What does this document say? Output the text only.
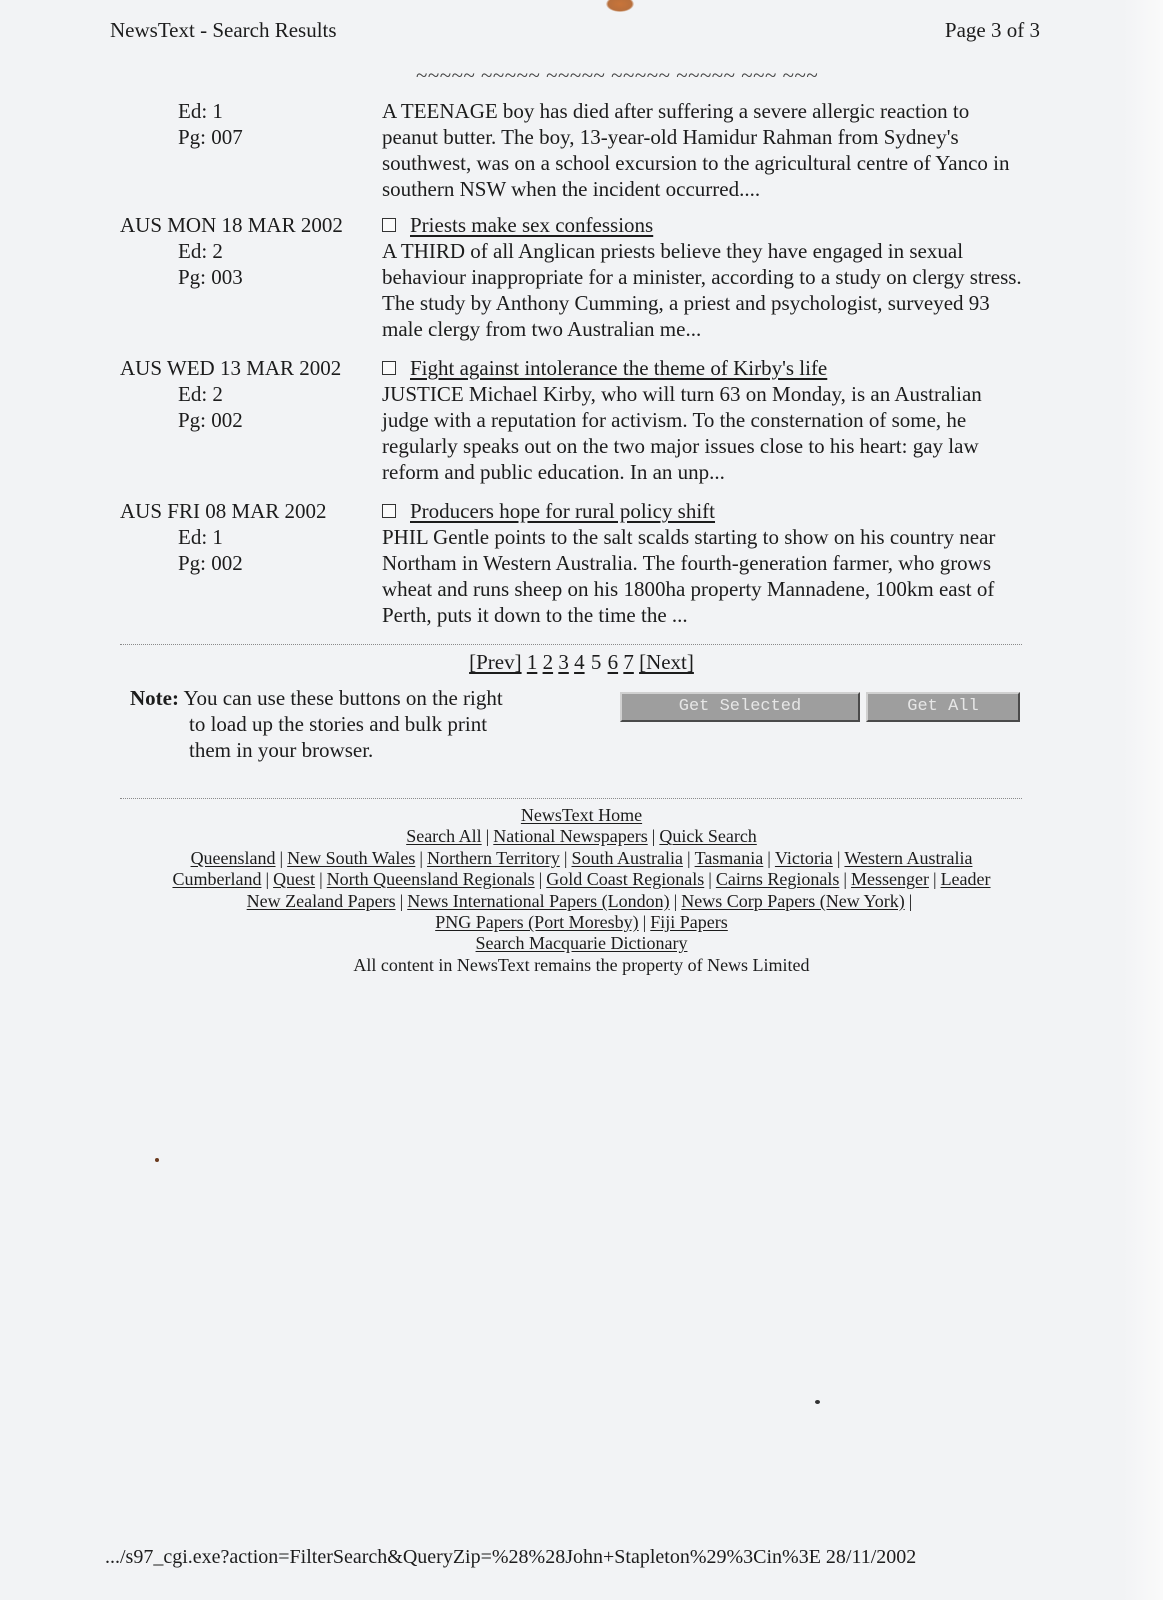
NewsText - Search Results	Page 3 of 3
~~~~~ ~~~~~ ~~~~~ ~~~~~ ~~~~~ ~~~ ~~~
Ed: 1
Pg: 007
A TEENAGE boy has died after suffering a severe allergic reaction to peanut butter. The boy, 13-year-old Hamidur Rahman from Sydney's southwest, was on a school excursion to the agricultural centre of Yanco in southern NSW when the incident occurred....
AUS MON 18 MAR 2002
Ed: 2
Pg: 003
Priests make sex confessions
A THIRD of all Anglican priests believe they have engaged in sexual behaviour inappropriate for a minister, according to a study on clergy stress. The study by Anthony Cumming, a priest and psychologist, surveyed 93 male clergy from two Australian me...
AUS WED 13 MAR 2002
Ed: 2
Pg: 002
Fight against intolerance the theme of Kirby's life
JUSTICE Michael Kirby, who will turn 63 on Monday, is an Australian judge with a reputation for activism. To the consternation of some, he regularly speaks out on the two major issues close to his heart: gay law reform and public education. In an unp...
AUS FRI 08 MAR 2002
Ed: 1
Pg: 002
Producers hope for rural policy shift
PHIL Gentle points to the salt scalds starting to show on his country near Northam in Western Australia. The fourth-generation farmer, who grows wheat and runs sheep on his 1800ha property Mannadene, 100km east of Perth, puts it down to the time the ...
[Prev] 1 2 3 4 5 6 7 [Next]
Note: You can use these buttons on the right
to load up the stories and bulk print
them in your browser.
Get Selected	Get All
NewsText Home
Search All | National Newspapers | Quick Search
Queensland | New South Wales | Northern Territory | South Australia | Tasmania | Victoria | Western Australia
Cumberland | Quest | North Queensland Regionals | Gold Coast Regionals | Cairns Regionals | Messenger | Leader
New Zealand Papers | News International Papers (London) | News Corp Papers (New York) |
PNG Papers (Port Moresby) | Fiji Papers
Search Macquarie Dictionary
All content in NewsText remains the property of News Limited
.../s97_cgi.exe?action=FilterSearch&QueryZip=%28%28John+Stapleton%29%3Cin%3E 28/11/2002
